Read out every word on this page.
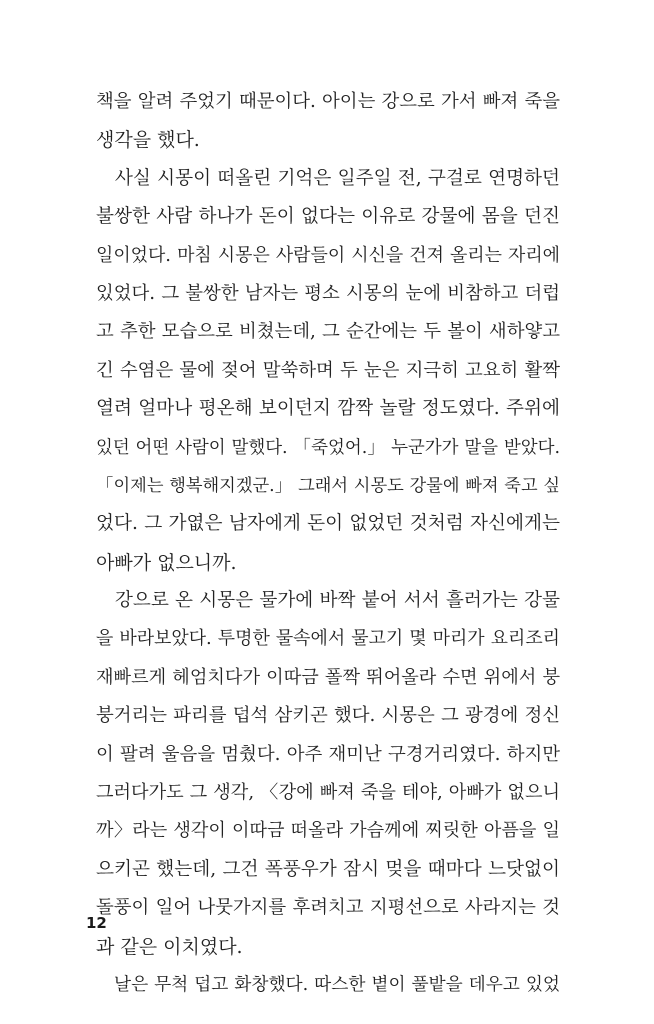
책을 알려 주었기 때문이다. 아이는 강으로 가서 빠져 죽을
생각을 했다.
　사실 시몽이 떠올린 기억은 일주일 전, 구걸로 연명하던
불쌍한 사람 하나가 돈이 없다는 이유로 강물에 몸을 던진
일이었다. 마침 시몽은 사람들이 시신을 건져 올리는 자리에
있었다. 그 불쌍한 남자는 평소 시몽의 눈에 비참하고 더럽
고 추한 모습으로 비쳤는데, 그 순간에는 두 볼이 새하얗고
긴 수염은 물에 젖어 말쑥하며 두 눈은 지극히 고요히 활짝
열려 얼마나 평온해 보이던지 깜짝 놀랄 정도였다. 주위에
있던 어떤 사람이 말했다. 「죽었어.」 누군가가 말을 받았다.
「이제는 행복해지겠군.」 그래서 시몽도 강물에 빠져 죽고 싶
었다. 그 가엾은 남자에게 돈이 없었던 것처럼 자신에게는
아빠가 없으니까.
　강으로 온 시몽은 물가에 바짝 붙어 서서 흘러가는 강물
을 바라보았다. 투명한 물속에서 물고기 몇 마리가 요리조리
재빠르게 헤엄치다가 이따금 폴짝 뛰어올라 수면 위에서 붕
붕거리는 파리를 덥석 삼키곤 했다. 시몽은 그 광경에 정신
이 팔려 울음을 멈췄다. 아주 재미난 구경거리였다. 하지만
그러다가도 그 생각, 〈강에 빠져 죽을 테야, 아빠가 없으니
까〉라는 생각이 이따금 떠올라 가슴께에 찌릿한 아픔을 일
으키곤 했는데, 그건 폭풍우가 잠시 멎을 때마다 느닷없이
돌풍이 일어 나뭇가지를 후려치고 지평선으로 사라지는 것
과 같은 이치였다.
　날은 무척 덥고 화창했다. 따스한 볕이 풀밭을 데우고 있었
12
